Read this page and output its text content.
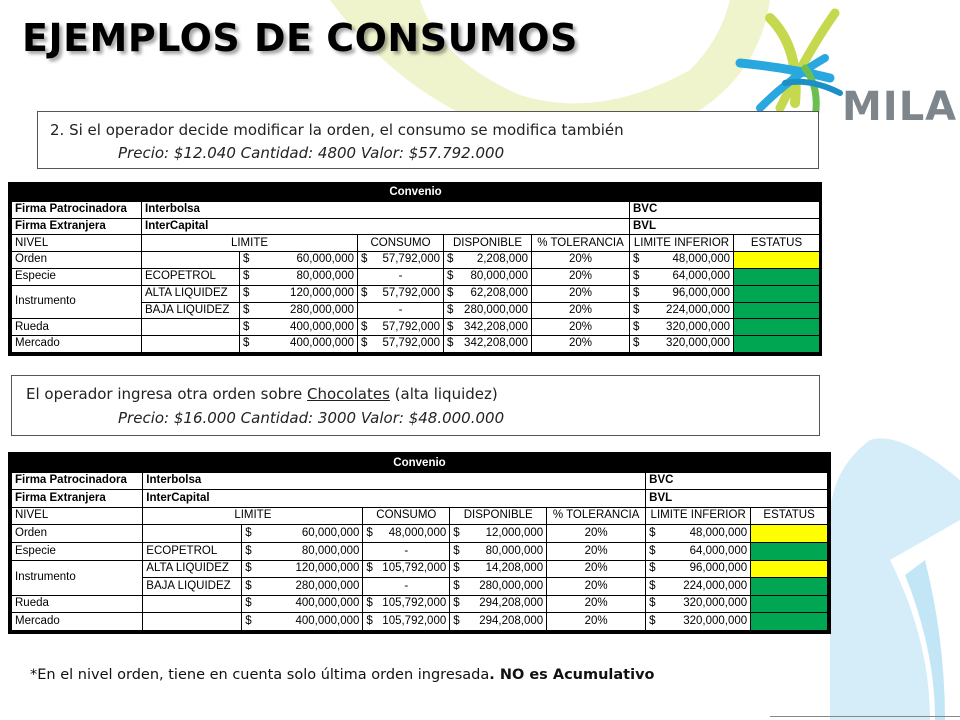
MILA
EJEMPLOS DE CONSUMOS
2. Si el operador decide modificar la orden, el consumo se modifica también
Precio: $12.040 Cantidad: 4800 Valor: $57.792.000
Convenio							
Firma Patrocinadora	Interbolsa					BVC	
Firma Extranjera	InterCapital					BVL	
NIVEL	LIMITE		CONSUMO	DISPONIBLE	% TOLERANCIA	LIMITE INFERIOR	ESTATUS
Orden		$ 60,000,000	$ 57,792,000	$ 2,208,000	20%	$ 48,000,000	

Especie	ECOPETROL	$ 80,000,000	-	$ 80,000,000	20%	$ 64,000,000	

Instrumento	ALTA LIQUIDEZ	$ 120,000,000	$ 57,792,000	$ 62,208,000	20%	$ 96,000,000	

	BAJA LIQUIDEZ	$ 280,000,000	-	$ 280,000,000	20%	$ 224,000,000	

Rueda		$ 400,000,000	$ 57,792,000	$ 342,208,000	20%	$ 320,000,000	

Mercado		$ 400,000,000	$ 57,792,000	$ 342,208,000	20%	$ 320,000,000	

El operador ingresa otra orden sobre Chocolates (alta liquidez)
Precio: $16.000 Cantidad: 3000 Valor: $48.000.000
Convenio							
Firma Patrocinadora	Interbolsa					BVC	
Firma Extranjera	InterCapital					BVL	
NIVEL	LIMITE		CONSUMO	DISPONIBLE	% TOLERANCIA	LIMITE INFERIOR	ESTATUS
Orden		$ 60,000,000	$ 48,000,000	$ 12,000,000	20%	$ 48,000,000	

Especie	ECOPETROL	$ 80,000,000	-	$ 80,000,000	20%	$ 64,000,000	

Instrumento	ALTA LIQUIDEZ	$ 120,000,000	$ 105,792,000	$ 14,208,000	20%	$ 96,000,000	

	BAJA LIQUIDEZ	$ 280,000,000	-	$ 280,000,000	20%	$ 224,000,000	

Rueda		$ 400,000,000	$ 105,792,000	$ 294,208,000	20%	$ 320,000,000	

Mercado		$ 400,000,000	$ 105,792,000	$ 294,208,000	20%	$ 320,000,000	

*En el nivel orden, tiene en cuenta solo última orden ingresada. NO es Acumulativo
